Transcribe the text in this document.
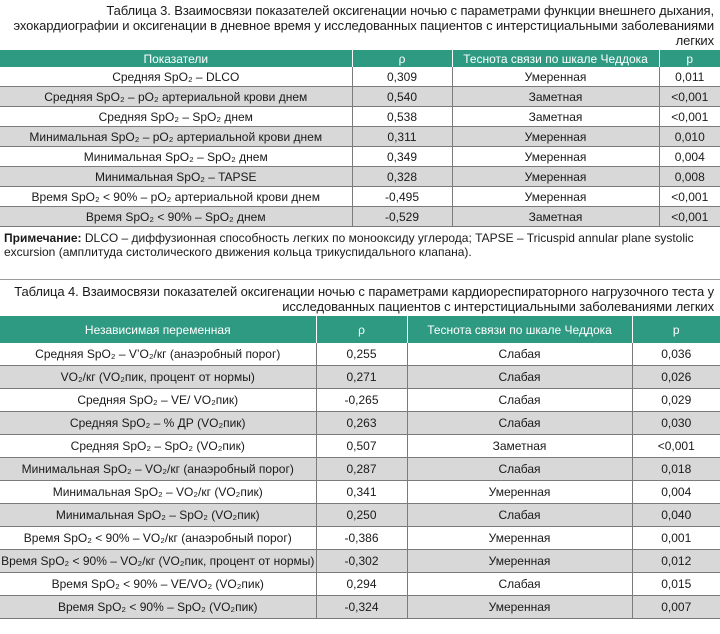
Таблица 3. Взаимосвязи показателей оксигенации ночью с параметрами функции внешнего дыхания, эхокардиографии и оксигенации в дневное время у исследованных пациентов с интерстициальными заболеваниями легких
Показатели	ρ	Теснота связи по шкале Чеддока	p
Средняя SpO₂ – DLCO	0,309	Умеренная	0,011
Средняя SpO₂ – pO₂ артериальной крови днем	0,540	Заметная	<0,001
Средняя SpO₂ – SpO₂ днем	0,538	Заметная	<0,001
Минимальная SpO₂ – pO₂ артериальной крови днем	0,311	Умеренная	0,010
Минимальная SpO₂ – SpO₂ днем	0,349	Умеренная	0,004
Минимальная SpO₂ – TAPSE	0,328	Умеренная	0,008
Время SpO₂ < 90% – pO₂ артериальной крови днем	-0,495	Умеренная	<0,001
Время SpO₂ < 90% – SpO₂ днем	-0,529	Заметная	<0,001
Примечание: DLCO – диффузионная способность легких по монооксиду углерода; TAPSE – Tricuspid annular plane systolic excursion (амплитуда систолического движения кольца трикуспидального клапана).
Таблица 4. Взаимосвязи показателей оксигенации ночью с параметрами кардиореспираторного нагрузочного теста у исследованных пациентов с интерстициальными заболеваниями легких
Независимая переменная	ρ	Теснота связи по шкале Чеддока	p
Средняя SpO₂ – V’O₂/кг (анаэробный порог)	0,255	Слабая	0,036
VO₂/кг (VO₂пик, процент от нормы)	0,271	Слабая	0,026
Средняя SpO₂ – VE/ VO₂пик)	-0,265	Слабая	0,029
Средняя SpO₂ – % ДР (VO₂пик)	0,263	Слабая	0,030
Средняя SpO₂ – SpO₂ (VO₂пик)	0,507	Заметная	<0,001
Минимальная SpO₂ – VO₂/кг (анаэробный порог)	0,287	Слабая	0,018
Минимальная SpO₂ – VO₂/кг (VO₂пик)	0,341	Умеренная	0,004
Минимальная SpO₂ – SpO₂ (VO₂пик)	0,250	Слабая	0,040
Время SpO₂ < 90% – VO₂/кг (анаэробный порог)	-0,386	Умеренная	0,001
Время SpO₂ < 90% – VO₂/кг (VO₂пик, процент от нормы)	-0,302	Умеренная	0,012
Время SpO₂ < 90% – VE/VO₂ (VO₂пик)	0,294	Слабая	0,015
Время SpO₂ < 90% – SpO₂ (VO₂пик)	-0,324	Умеренная	0,007
